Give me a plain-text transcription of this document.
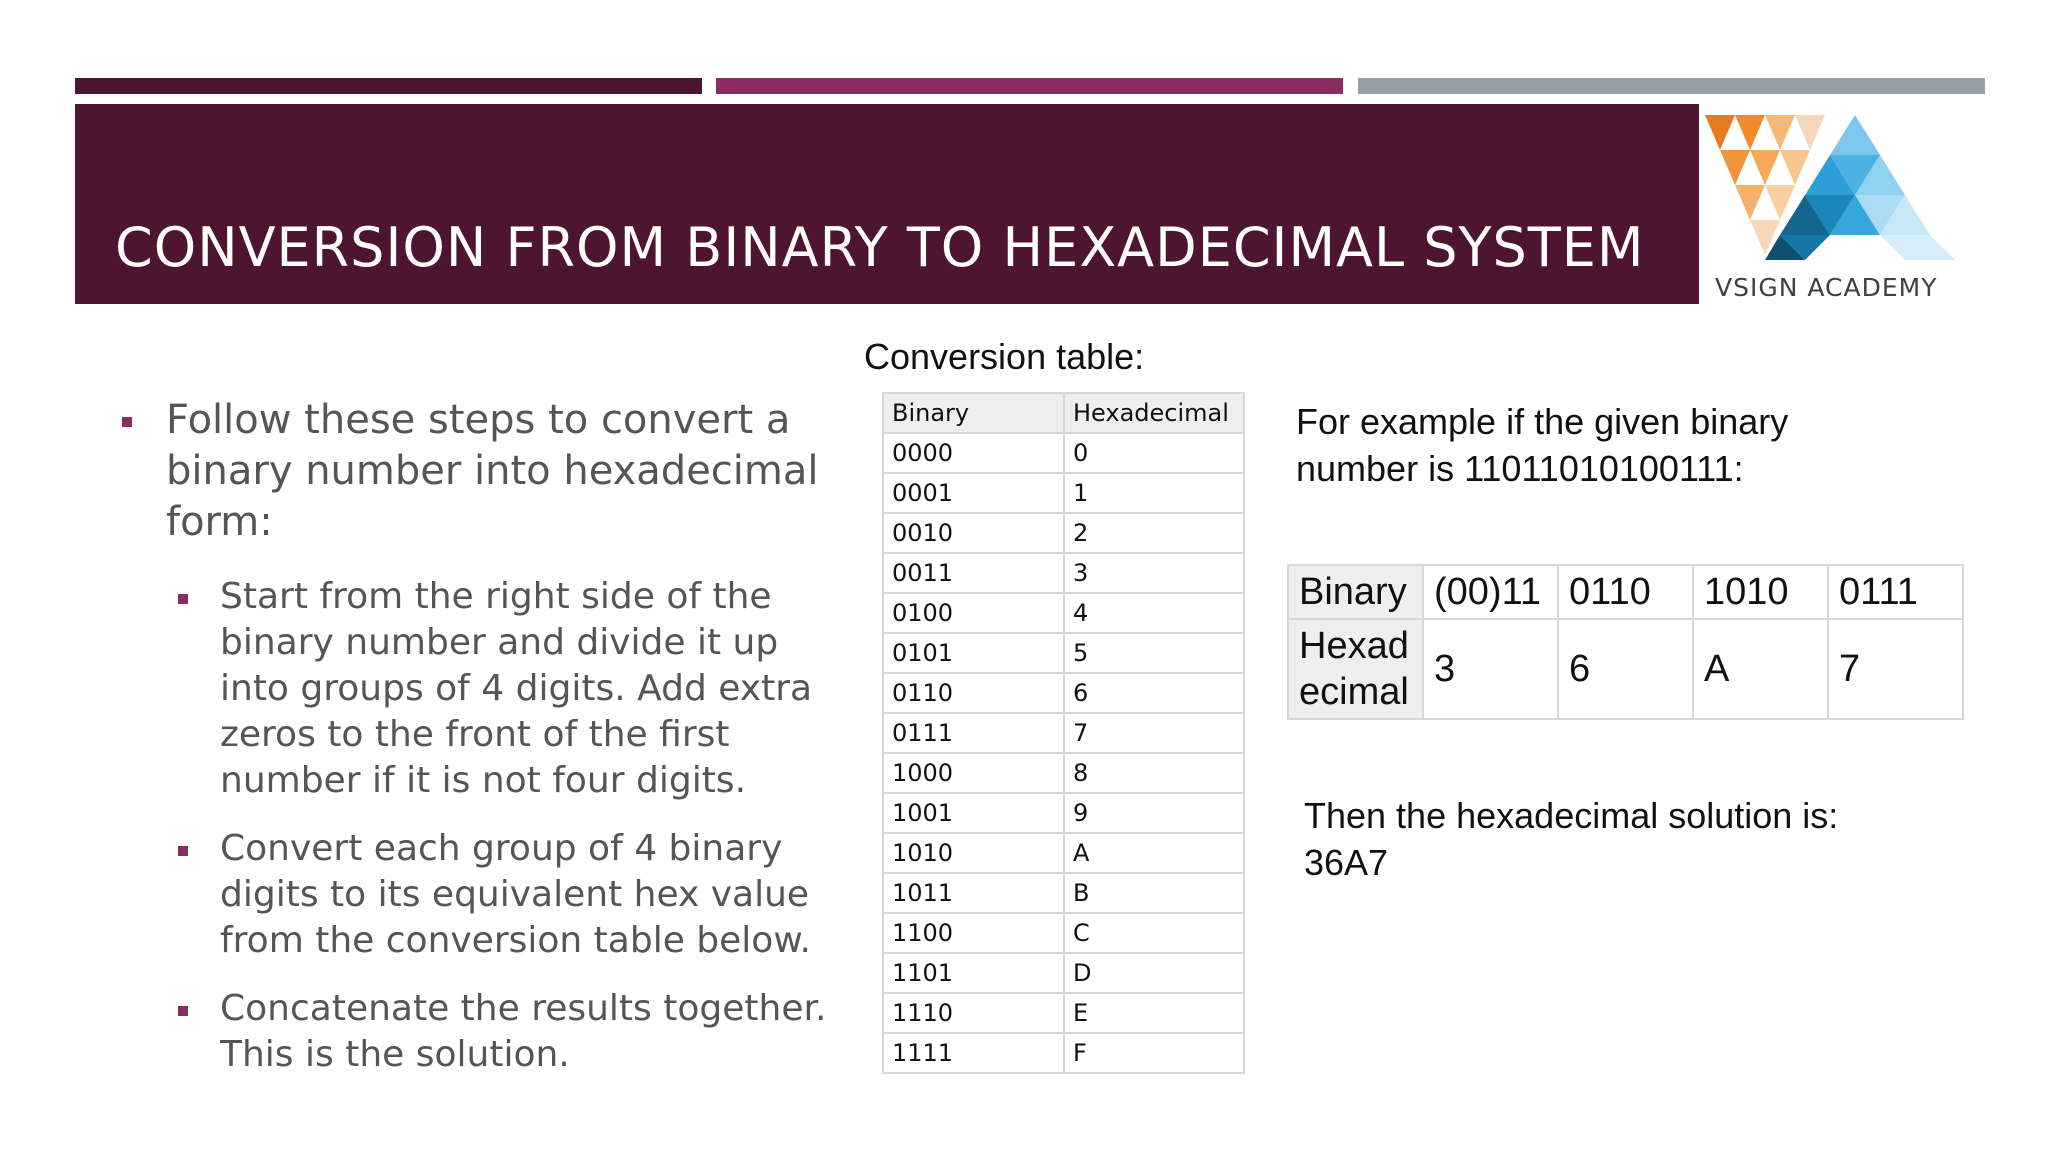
CONVERSION FROM BINARY TO HEXADECIMAL SYSTEM
VSIGN ACADEMY
Follow these steps to convert a binary number into hexadecimal form:
Start from the right side of the binary number and divide it up into groups of 4 digits. Add extra zeros to the front of the first number if it is not four digits.
Convert each group of 4 binary digits to its equivalent hex value from the conversion table below.
Concatenate the results together. This is the solution.
Conversion table:
Binary	Hexadecimal
0000	0
0001	1
0010	2
0011	3
0100	4
0101	5
0110	6
0111	7
1000	8
1001	9
1010	A
1011	B
1100	C
1101	D
1110	E
1111	F
For example if the given binary number is 11011010100111:
Binary	(00)11	0110	1010	0111
Hexad ecimal	3	6	A	7
Then the hexadecimal solution is: 36A7
